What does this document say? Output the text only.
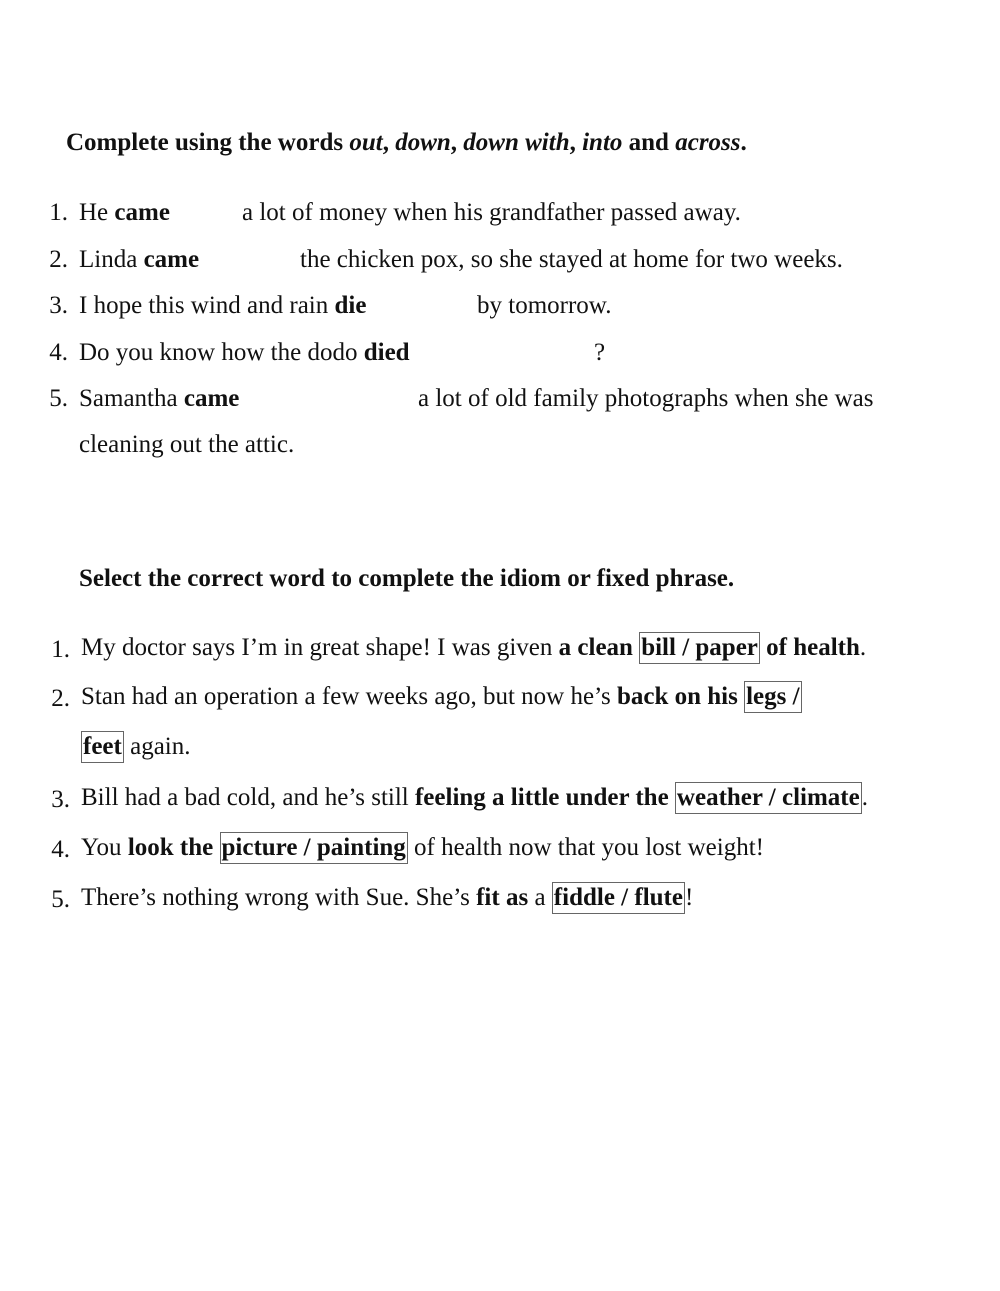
Complete using the words out, down, down with, into and across.
1. He came	a lot of money when his grandfather passed away.
2. Linda came	the chicken pox, so she stayed at home for two weeks.
3. I hope this wind and rain die	by tomorrow.
4. Do you know how the dodo died	?
5. Samantha came	a lot of old family photographs when she was
cleaning out the attic.
Select the correct word to complete the idiom or fixed phrase.
1. My doctor says I’m in great shape! I was given a clean bill / paper of health.
2. Stan had an operation a few weeks ago, but now he’s back on his legs /
feet again.
3. Bill had a bad cold, and he’s still feeling a little under the weather / climate.
4. You look the picture / painting of health now that you lost weight!
5. There’s nothing wrong with Sue. She’s fit as a fiddle / flute!
